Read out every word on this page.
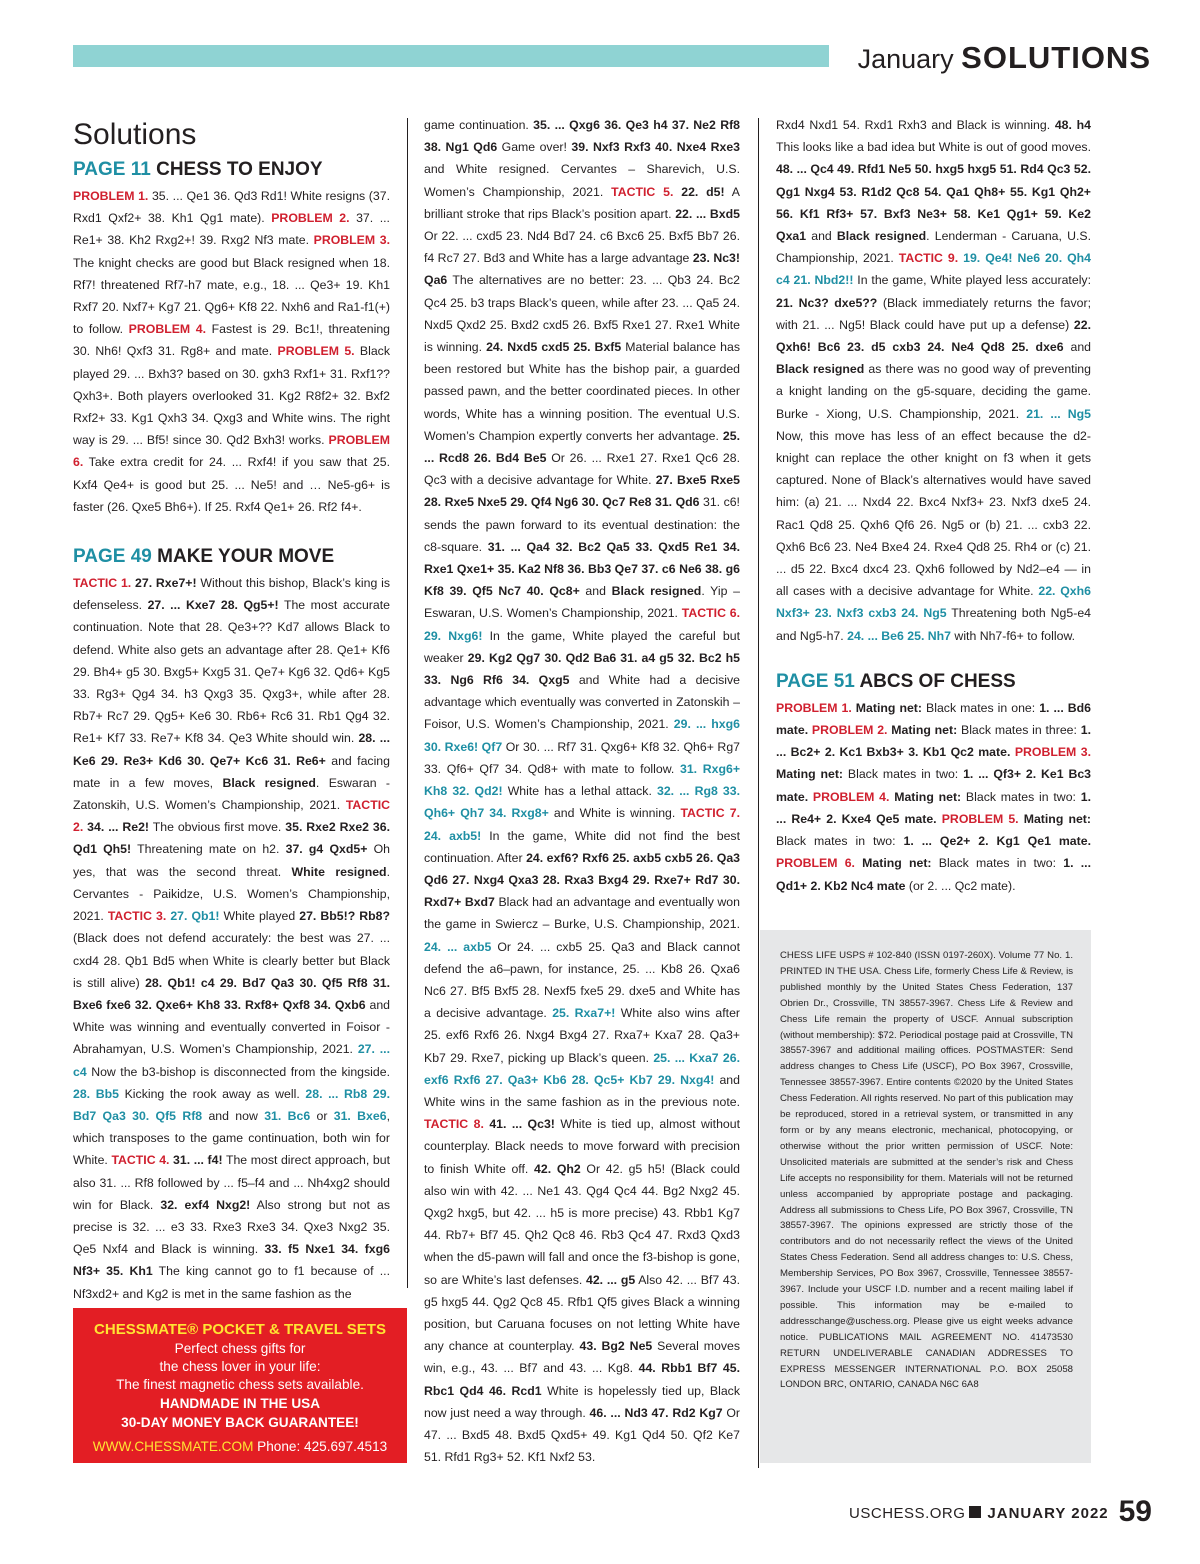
January SOLUTIONS
Solutions
PAGE 11 CHESS TO ENJOY

PROBLEM 1. 35. ... Qe1 36. Qd3 Rd1! White resigns (37. Rxd1 Qxf2+ 38. Kh1 Qg1 mate). PROBLEM 2. 37. ... Re1+ 38. Kh2 Rxg2+! 39. Rxg2 Nf3 mate. PROBLEM 3. The knight checks are good but Black resigned when 18. Rf7! threatened Rf7-h7 mate, e.g., 18. ... Qe3+ 19. Kh1 Rxf7 20. Nxf7+ Kg7 21. Qg6+ Kf8 22. Nxh6 and Ra1-f1(+) to follow. PROBLEM 4. Fastest is 29. Bc1!, threatening 30. Nh6! Qxf3 31. Rg8+ and mate. PROBLEM 5. Black played 29. ... Bxh3? based on 30. gxh3 Rxf1+ 31. Rxf1?? Qxh3+. Both players overlooked 31. Kg2 R8f2+ 32. Bxf2 Rxf2+ 33. Kg1 Qxh3 34. Qxg3 and White wins. The right way is 29. ... Bf5! since 30. Qd2 Bxh3! works. PROBLEM 6. Take extra credit for 24. ... Rxf4! if you saw that 25. Kxf4 Qe4+ is good but 25. ... Ne5! and … Ne5-g6+ is faster (26. Qxe5 Bh6+). If 25. Rxf4 Qe1+ 26. Rf2 f4+.

PAGE 49 MAKE YOUR MOVE

TACTIC 1. 27. Rxe7+! Without this bishop, Black’s king is defenseless. 27. ... Kxe7 28. Qg5+! The most accurate continuation. Note that 28. Qe3+?? Kd7 allows Black to defend. White also gets an advantage after 28. Qe1+ Kf6 29. Bh4+ g5 30. Bxg5+ Kxg5 31. Qe7+ Kg6 32. Qd6+ Kg5 33. Rg3+ Qg4 34. h3 Qxg3 35. Qxg3+, while after 28. Rb7+ Rc7 29. Qg5+ Ke6 30. Rb6+ Rc6 31. Rb1 Qg4 32. Re1+ Kf7 33. Re7+ Kf8 34. Qe3 White should win. 28. ... Ke6 29. Re3+ Kd6 30. Qe7+ Kc6 31. Re6+ and facing mate in a few moves, Black resigned. Eswaran - Zatonskih, U.S. Women’s Championship, 2021. TACTIC 2. 34. ... Re2! The obvious first move. 35. Rxe2 Rxe2 36. Qd1 Qh5! Threatening mate on h2. 37. g4 Qxd5+ Oh yes, that was the second threat. White resigned. Cervantes - Paikidze, U.S. Women’s Championship, 2021. TACTIC 3. 27. Qb1! White played 27. Bb5!? Rb8? (Black does not defend accurately: the best was 27. ... cxd4 28. Qb1 Bd5 when White is clearly better but Black is still alive) 28. Qb1! c4 29. Bd7 Qa3 30. Qf5 Rf8 31. Bxe6 fxe6 32. Qxe6+ Kh8 33. Rxf8+ Qxf8 34. Qxb6 and White was winning and eventually converted in Foisor - Abrahamyan, U.S. Women’s Championship, 2021. 27. ... c4 Now the b3-bishop is disconnected from the kingside. 28. Bb5 Kicking the rook away as well. 28. ... Rb8 29. Bd7 Qa3 30. Qf5 Rf8 and now 31. Bc6 or 31. Bxe6, which transposes to the game continuation, both win for White. TACTIC 4. 31. ... f4! The most direct approach, but also 31. ... Rf8 followed by ... f5–f4 and ... Nh4xg2 should win for Black. 32. exf4 Nxg2! Also strong but not as precise is 32. ... e3 33. Rxe3 Rxe3 34. Qxe3 Nxg2 35. Qe5 Nxf4 and Black is winning. 33. f5 Nxe1 34. fxg6 Nf3+ 35. Kh1 The king cannot go to f1 because of ... Nf3xd2+ and Kg2 is met in the same fashion as the

game continuation. 35. ... Qxg6 36. Qe3 h4 37. Ne2 Rf8 38. Ng1 Qd6 Game over! 39. Nxf3 Rxf3 40. Nxe4 Rxe3 and White resigned. Cervantes – Sharevich, U.S. Women’s Championship, 2021. TACTIC 5. 22. d5! A brilliant stroke that rips Black’s position apart. 22. ... Bxd5 Or 22. ... cxd5 23. Nd4 Bd7 24. c6 Bxc6 25. Bxf5 Bb7 26. f4 Rc7 27. Bd3 and White has a large advantage 23. Nc3! Qa6 The alternatives are no better: 23. ... Qb3 24. Bc2 Qc4 25. b3 traps Black’s queen, while after 23. ... Qa5 24. Nxd5 Qxd2 25. Bxd2 cxd5 26. Bxf5 Rxe1 27. Rxe1 White is winning. 24. Nxd5 cxd5 25. Bxf5 Material balance has been restored but White has the bishop pair, a guarded passed pawn, and the better coordinated pieces. In other words, White has a winning position. The eventual U.S. Women’s Champion expertly converts her advantage. 25. ... Rcd8 26. Bd4 Be5 Or 26. ... Rxe1 27. Rxe1 Qc6 28. Qc3 with a decisive advantage for White. 27. Bxe5 Rxe5 28. Rxe5 Nxe5 29. Qf4 Ng6 30. Qc7 Re8 31. Qd6 31. c6! sends the pawn forward to its eventual destination: the c8-square. 31. ... Qa4 32. Bc2 Qa5 33. Qxd5 Re1 34. Rxe1 Qxe1+ 35. Ka2 Nf8 36. Bb3 Qe7 37. c6 Ne6 38. g6 Kf8 39. Qf5 Nc7 40. Qc8+ and Black resigned. Yip – Eswaran, U.S. Women’s Championship, 2021. TACTIC 6. 29. Nxg6! In the game, White played the careful but weaker 29. Kg2 Qg7 30. Qd2 Ba6 31. a4 g5 32. Bc2 h5 33. Ng6 Rf6 34. Qxg5 and White had a decisive advantage which eventually was converted in Zatonskih – Foisor, U.S. Women’s Championship, 2021. 29. ... hxg6 30. Rxe6! Qf7 Or 30. ... Rf7 31. Qxg6+ Kf8 32. Qh6+ Rg7 33. Qf6+ Qf7 34. Qd8+ with mate to follow. 31. Rxg6+ Kh8 32. Qd2! White has a lethal attack. 32. ... Rg8 33. Qh6+ Qh7 34. Rxg8+ and White is winning. TACTIC 7. 24. axb5! In the game, White did not find the best continuation. After 24. exf6? Rxf6 25. axb5 cxb5 26. Qa3 Qd6 27. Nxg4 Qxa3 28. Rxa3 Bxg4 29. Rxe7+ Rd7 30. Rxd7+ Bxd7 Black had an advantage and eventually won the game in Swiercz – Burke, U.S. Championship, 2021. 24. ... axb5 Or 24. ... cxb5 25. Qa3 and Black cannot defend the a6–pawn, for instance, 25. ... Kb8 26. Qxa6 Nc6 27. Bf5 Bxf5 28. Nexf5 fxe5 29. dxe5 and White has a decisive advantage. 25. Rxa7+! White also wins after 25. exf6 Rxf6 26. Nxg4 Bxg4 27. Rxa7+ Kxa7 28. Qa3+ Kb7 29. Rxe7, picking up Black’s queen. 25. ... Kxa7 26. exf6 Rxf6 27. Qa3+ Kb6 28. Qc5+ Kb7 29. Nxg4! and White wins in the same fashion as in the previous note. TACTIC 8. 41. ... Qc3! White is tied up, almost without counterplay. Black needs to move forward with precision to finish White off. 42. Qh2 Or 42. g5 h5! (Black could also win with 42. ... Ne1 43. Qg4 Qc4 44. Bg2 Nxg2 45. Qxg2 hxg5, but 42. ... h5 is more precise) 43. Rbb1 Kg7 44. Rb7+ Bf7 45. Qh2 Qc8 46. Rb3 Qc4 47. Rxd3 Qxd3 when the d5-pawn will fall and once the f3-bishop is gone, so are White’s last defenses. 42. ... g5 Also 42. ... Bf7 43. g5 hxg5 44. Qg2 Qc8 45. Rfb1 Qf5 gives Black a winning position, but Caruana focuses on not letting White have any chance at counterplay. 43. Bg2 Ne5 Several moves win, e.g., 43. ... Bf7 and 43. ... Kg8. 44. Rbb1 Bf7 45. Rbc1 Qd4 46. Rcd1 White is hopelessly tied up, Black now just need a way through. 46. ... Nd3 47. Rd2 Kg7 Or 47. ... Bxd5 48. Bxd5 Qxd5+ 49. Kg1 Qd4 50. Qf2 Ke7 51. Rfd1 Rg3+ 52. Kf1 Nxf2 53.

Rxd4 Nxd1 54. Rxd1 Rxh3 and Black is winning. 48. h4 This looks like a bad idea but White is out of good moves. 48. ... Qc4 49. Rfd1 Ne5 50. hxg5 hxg5 51. Rd4 Qc3 52. Qg1 Nxg4 53. R1d2 Qc8 54. Qa1 Qh8+ 55. Kg1 Qh2+ 56. Kf1 Rf3+ 57. Bxf3 Ne3+ 58. Ke1 Qg1+ 59. Ke2 Qxa1 and Black resigned. Lenderman - Caruana, U.S. Championship, 2021. TACTIC 9. 19. Qe4! Ne6 20. Qh4 c4 21. Nbd2!! In the game, White played less accurately: 21. Nc3? dxe5?? (Black immediately returns the favor; with 21. ... Ng5! Black could have put up a defense) 22. Qxh6! Bc6 23. d5 cxb3 24. Ne4 Qd8 25. dxe6 and Black resigned as there was no good way of preventing a knight landing on the g5-square, deciding the game. Burke - Xiong, U.S. Championship, 2021. 21. ... Ng5 Now, this move has less of an effect because the d2-knight can replace the other knight on f3 when it gets captured. None of Black’s alternatives would have saved him: (a) 21. ... Nxd4 22. Bxc4 Nxf3+ 23. Nxf3 dxe5 24. Rac1 Qd8 25. Qxh6 Qf6 26. Ng5 or (b) 21. ... cxb3 22. Qxh6 Bc6 23. Ne4 Bxe4 24. Rxe4 Qd8 25. Rh4 or (c) 21. ... d5 22. Bxc4 dxc4 23. Qxh6 followed by Nd2–e4 — in all cases with a decisive advantage for White. 22. Qxh6 Nxf3+ 23. Nxf3 cxb3 24. Ng5 Threatening both Ng5-e4 and Ng5-h7. 24. ... Be6 25. Nh7 with Nh7-f6+ to follow.

PAGE 51 ABCS OF CHESS

PROBLEM 1. Mating net: Black mates in one: 1. ... Bd6 mate. PROBLEM 2. Mating net: Black mates in three: 1. ... Bc2+ 2. Kc1 Bxb3+ 3. Kb1 Qc2 mate. PROBLEM 3. Mating net: Black mates in two: 1. ... Qf3+ 2. Ke1 Bc3 mate. PROBLEM 4. Mating net: Black mates in two: 1. ... Re4+ 2. Kxe4 Qe5 mate. PROBLEM 5. Mating net: Black mates in two: 1. ... Qe2+ 2. Kg1 Qe1 mate. PROBLEM 6. Mating net: Black mates in two: 1. ... Qd1+ 2. Kb2 Nc4 mate (or 2. ... Qc2 mate).

CHESSMATE® POCKET & TRAVEL SETS
Perfect chess gifts for
the chess lover in your life:
The finest magnetic chess sets available.
HANDMADE IN THE USA
30-DAY MONEY BACK GUARANTEE!
WWW.CHESSMATE.COM Phone: 425.697.4513
CHESS LIFE USPS # 102-840 (ISSN 0197-260X). Volume 77 No. 1. PRINTED IN THE USA. Chess Life, formerly Chess Life & Review, is published monthly by the United States Chess Federation, 137 Obrien Dr., Crossville, TN 38557-3967. Chess Life & Review and Chess Life remain the property of USCF. Annual subscription (without membership): $72. Periodical postage paid at Crossville, TN 38557-3967 and additional mailing offices. POSTMASTER: Send address changes to Chess Life (USCF), PO Box 3967, Crossville, Tennessee 38557-3967. Entire contents ©2020 by the United States Chess Federation. All rights reserved. No part of this publication may be reproduced, stored in a retrieval system, or transmitted in any form or by any means electronic, mechanical, photocopying, or otherwise without the prior written permission of USCF. Note: Unsolicited materials are submitted at the sender’s risk and Chess Life accepts no responsibility for them. Materials will not be returned unless accompanied by appropriate postage and packaging. Address all submissions to Chess Life, PO Box 3967, Crossville, TN 38557-3967. The opinions expressed are strictly those of the contributors and do not necessarily reflect the views of the United States Chess Federation. Send all address changes to: U.S. Chess, Membership Services, PO Box 3967, Crossville, Tennessee 38557-3967. Include your USCF I.D. number and a recent mailing label if possible. This information may be e-mailed to addresschange@uschess.org. Please give us eight weeks advance notice. PUBLICATIONS MAIL AGREEMENT NO. 41473530 RETURN UNDELIVERABLE CANADIAN ADDRESSES TO EXPRESS MESSENGER INTERNATIONAL P.O. BOX 25058 LONDON BRC, ONTARIO, CANADA N6C 6A8
USCHESS.ORG JANUARY 2022 59
